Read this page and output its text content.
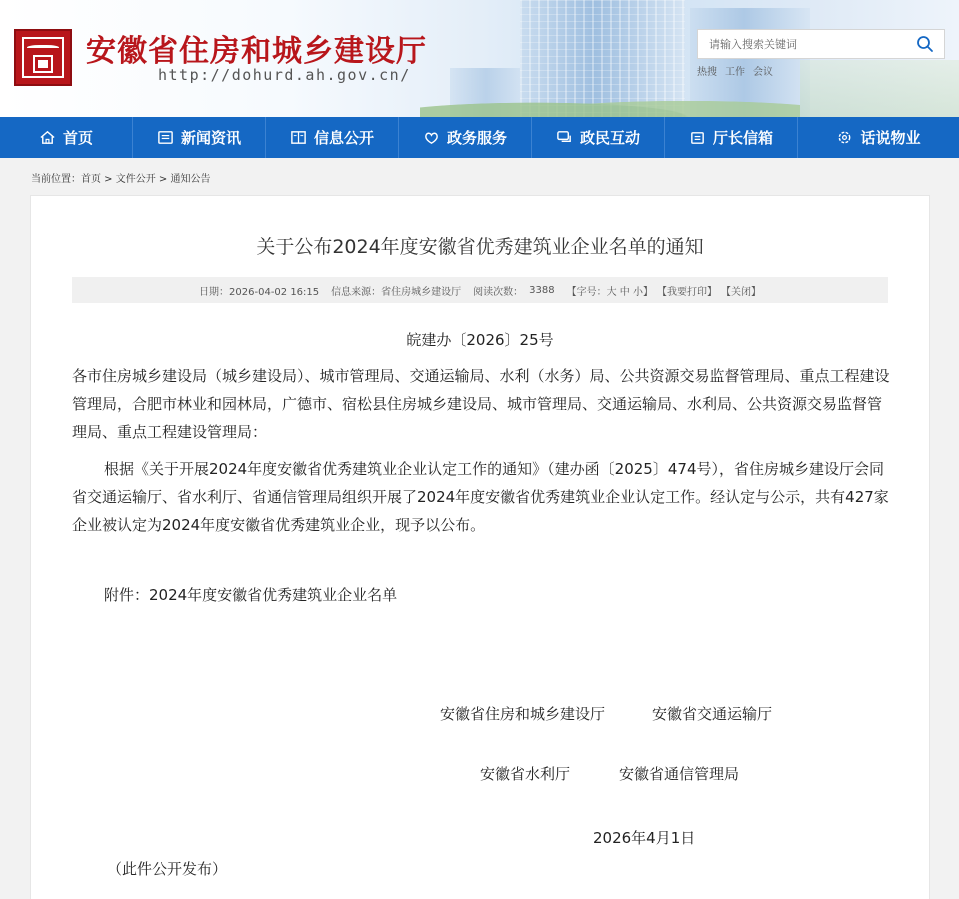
安徽省住房和城乡建设厅
http://dohurd.ah.gov.cn/
请输入搜索关键词	热搜 工作 会议
首页	新闻资讯	信息公开	政务服务	政民互动	厅长信箱	话说物业
当前位置：首页 > 文件公开 > 通知公告
关于公布2024年度安徽省优秀建筑业企业名单的通知
日期：2026-04-02 16:15 信息来源：省住房城乡建设厅 阅读次数： 3388 【字号：大 中 小】 【我要打印】 【关闭】
皖建办〔2026〕25号
各市住房城乡建设局（城乡建设局）、城市管理局、交通运输局、水利（水务）局、公共资源交易监督管理局、重点工程建设管理局，合肥市林业和园林局，广德市、宿松县住房城乡建设局、城市管理局、交通运输局、水利局、公共资源交易监督管理局、重点工程建设管理局：
根据《关于开展2024年度安徽省优秀建筑业企业认定工作的通知》（建办函〔2025〕474号），省住房城乡建设厅会同省交通运输厅、省水利厅、省通信管理局组织开展了2024年度安徽省优秀建筑业企业认定工作。经认定与公示，共有427家企业被认定为2024年度安徽省优秀建筑业企业，现予以公布。
附件：2024年度安徽省优秀建筑业企业名单
安徽省住房和城乡建设厅	安徽省交通运输厅
安徽省水利厅	安徽省通信管理局
2026年4月1日
（此件公开发布）
